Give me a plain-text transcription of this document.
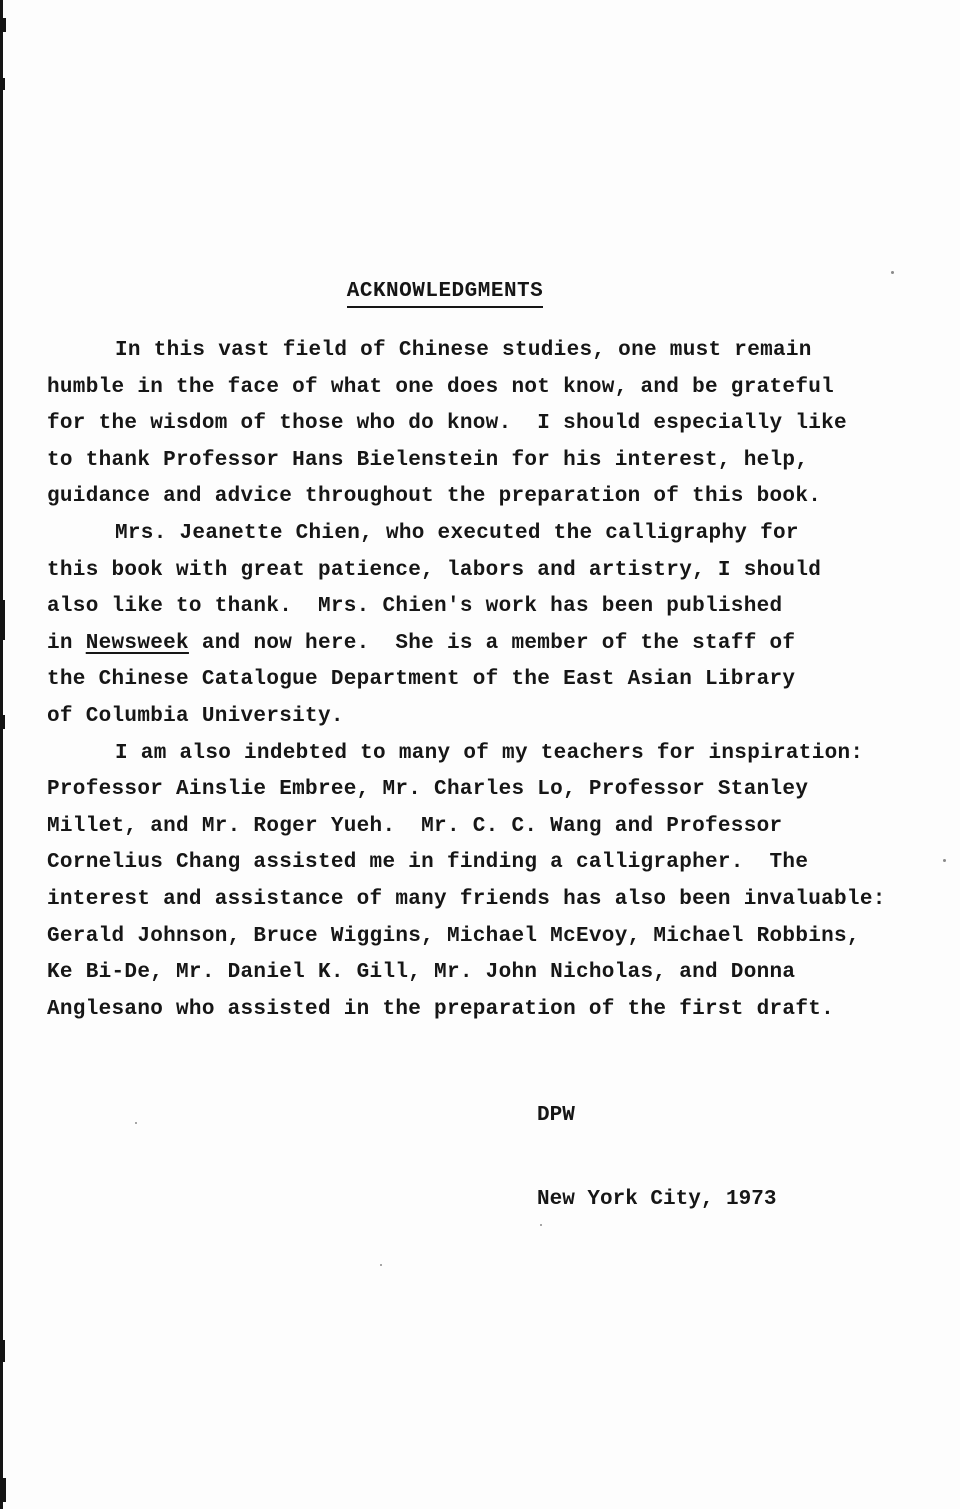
ACKNOWLEDGMENTS
In this vast field of Chinese studies, one must remain
humble in the face of what one does not know, and be grateful
for the wisdom of those who do know.  I should especially like
to thank Professor Hans Bielenstein for his interest, help,
guidance and advice throughout the preparation of this book.
Mrs. Jeanette Chien, who executed the calligraphy for
this book with great patience, labors and artistry, I should
also like to thank.  Mrs. Chien's work has been published
in Newsweek and now here.  She is a member of the staff of
the Chinese Catalogue Department of the East Asian Library
of Columbia University.
I am also indebted to many of my teachers for inspiration:
Professor Ainslie Embree, Mr. Charles Lo, Professor Stanley
Millet, and Mr. Roger Yueh.  Mr. C. C. Wang and Professor
Cornelius Chang assisted me in finding a calligrapher.  The
interest and assistance of many friends has also been invaluable:
Gerald Johnson, Bruce Wiggins, Michael McEvoy, Michael Robbins,
Ke Bi-De, Mr. Daniel K. Gill, Mr. John Nicholas, and Donna
Anglesano who assisted in the preparation of the first draft.

DPW

New York City, 1973
